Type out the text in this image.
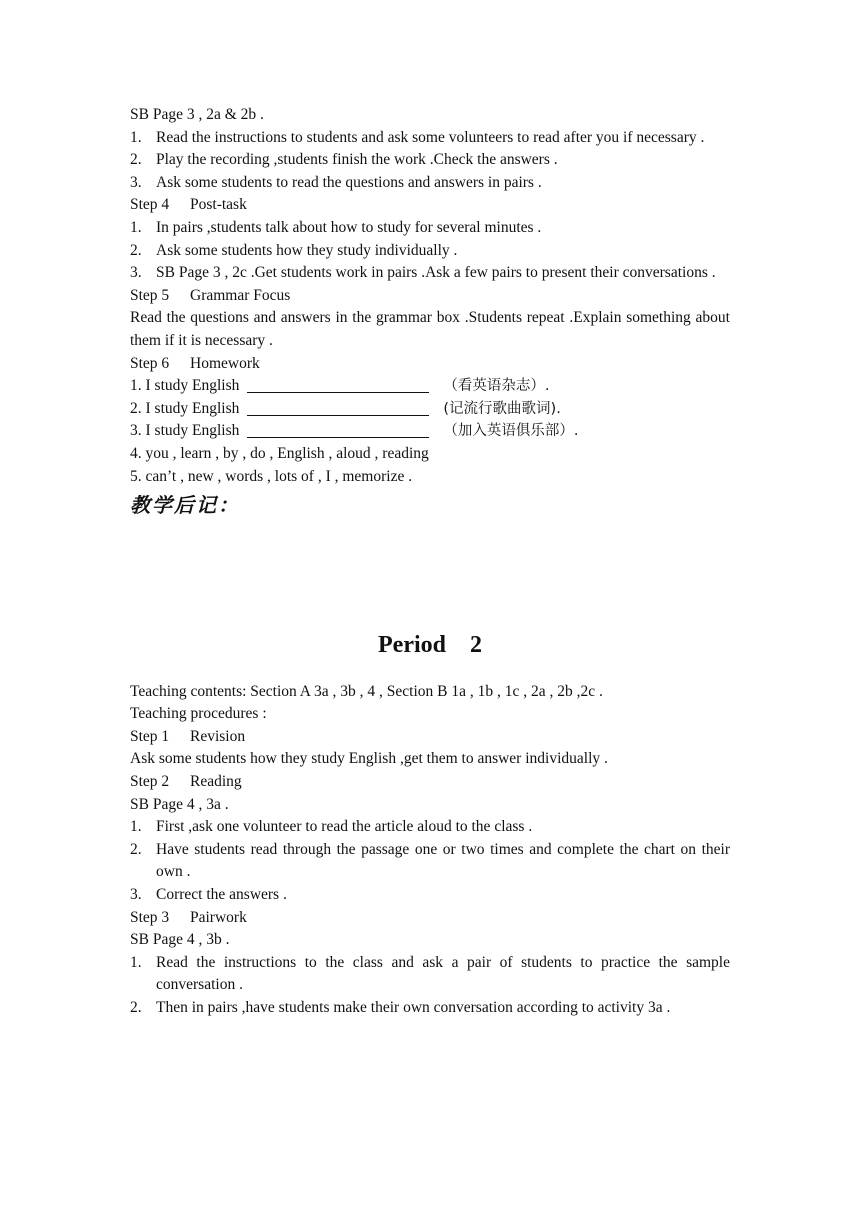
SB Page 3 , 2a & 2b .

1. Read the instructions to students and ask some volunteers to read after you if necessary .
2. Play the recording ,students finish the work .Check the answers .
3. Ask some students to read the questions and answers in pairs .

Step 4 Post-task

1. In pairs ,students talk about how to study for several minutes .
2. Ask some students how they study individually .
3. SB Page 3 , 2c .Get students work in pairs .Ask a few pairs to present their conversations .

Step 5 Grammar Focus

Read the questions and answers in the grammar box .Students repeat .Explain something about them if it is necessary .

Step 6 Homework

1. I study English	（看英语杂志）.

2. I study English	(记流行歌曲歌词).

3. I study English	（加入英语俱乐部）.

4. you , learn , by , do , English , aloud , reading

5. can’t , new , words , lots of , I , memorize .

教学后记：
Period    2

Teaching contents: Section A 3a , 3b , 4 , Section B 1a , 1b , 1c , 2a , 2b ,2c .

Teaching procedures :

Step 1 Revision

Ask some students how they study English ,get them to answer individually .

Step 2 Reading

SB Page 4 , 3a .

1. First ,ask one volunteer to read the article aloud to the class .
2. Have students read through the passage one or two times and complete the chart on their own .
3. Correct the answers .

Step 3 Pairwork

SB Page 4 , 3b .

1. Read the instructions to the class and ask a pair of students to practice the sample conversation .
2. Then in pairs ,have students make their own conversation according to activity 3a .
